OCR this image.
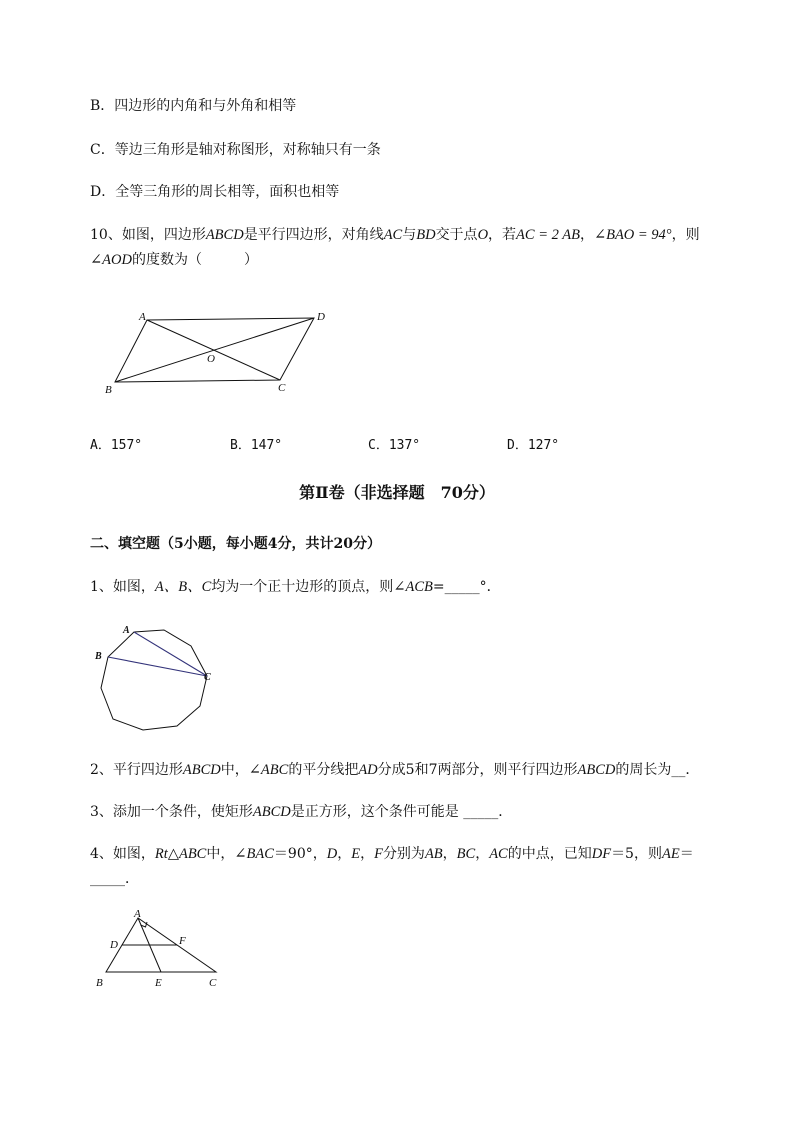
B．四边形的内角和与外角和相等
C．等边三角形是轴对称图形，对称轴只有一条
D．全等三角形的周长相等，面积也相等
10、如图，四边形ABCD是平行四边形，对角线AC与BD交于点O，若AC = 2 AB，∠BAO = 94°，则
∠AOD的度数为（　　　）
A	D
O
B	C
A．157°	B．147°	C．137°	D．127°
第Ⅱ卷（非选择题　70分）
二、填空题（5小题，每小题4分，共计20分）
1、如图，A、B、C均为一个正十边形的顶点，则∠ACB=_____°．
A
B
C
2、平行四边形ABCD中，∠ABC的平分线把AD分成5和7两部分，则平行四边形ABCD的周长为__．
3、添加一个条件，使矩形ABCD是正方形，这个条件可能是 _____．
4、如图，Rt△ABC中，∠BAC＝90°，D，E，F分别为AB，BC，AC的中点，已知DF＝5，则AE＝
_____．
A
D	F
B	E	C
